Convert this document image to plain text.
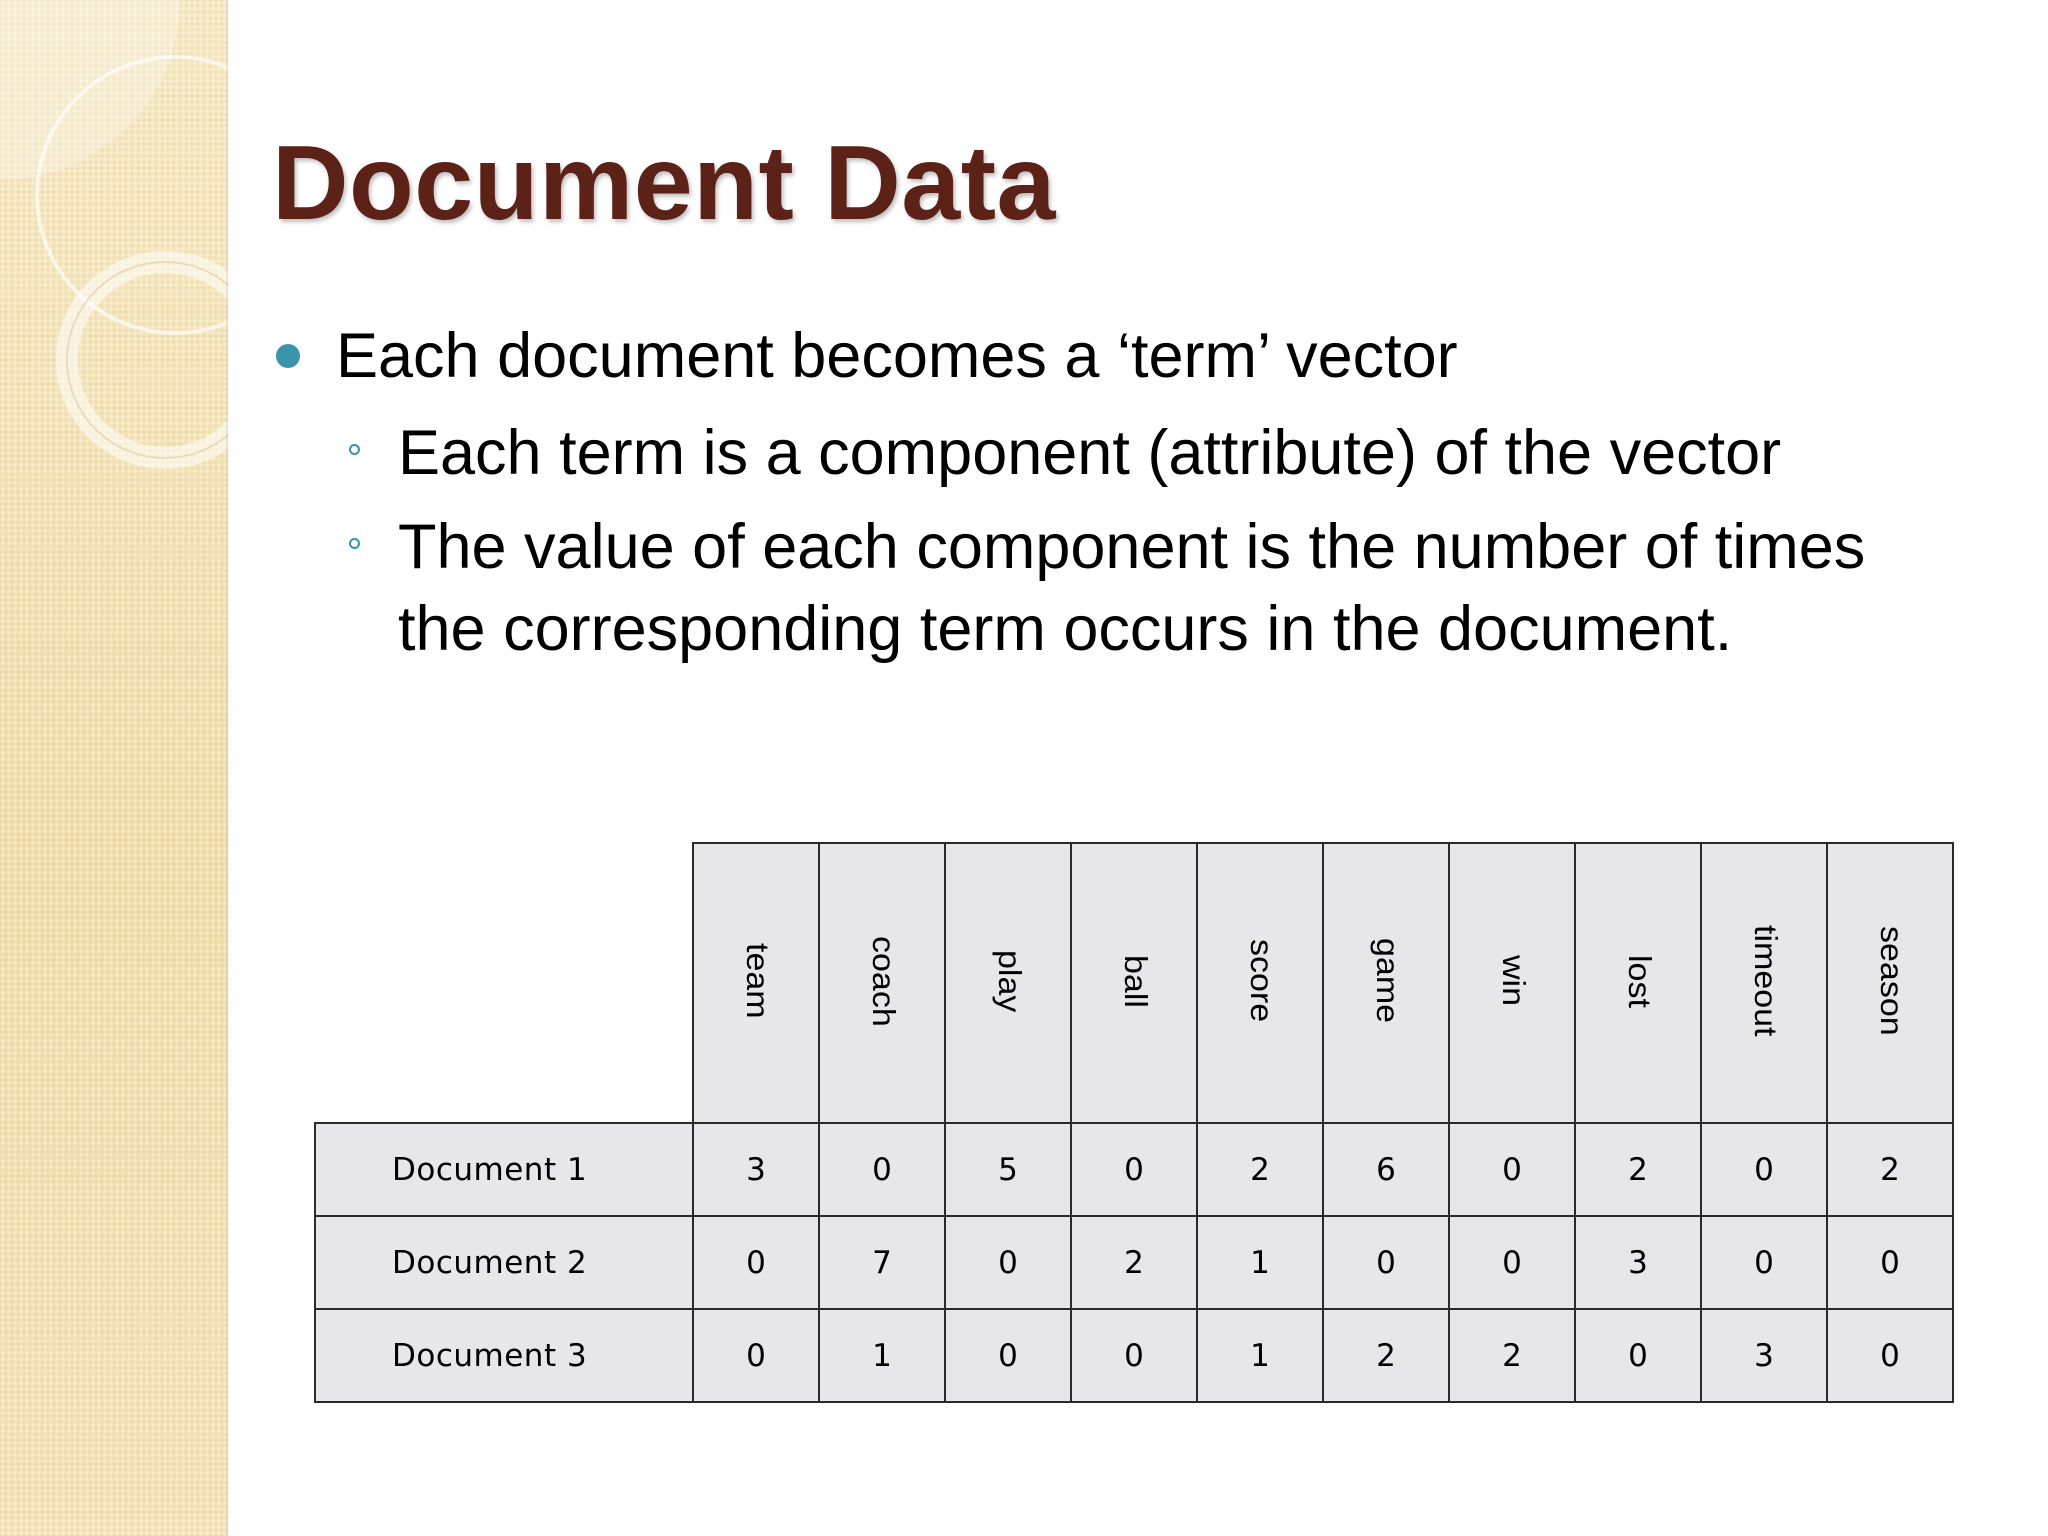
Document Data
Each document becomes a ‘term’ vector
Each term is a component (attribute) of the vector
The value of each component is the number of times the corresponding term occurs in the document.
	team	coach	play	ball	score	game	win	lost	timeout	season
Document 1	3	0	5	0	2	6	0	2	0	2
Document 2	0	7	0	2	1	0	0	3	0	0
Document 3	0	1	0	0	1	2	2	0	3	0
